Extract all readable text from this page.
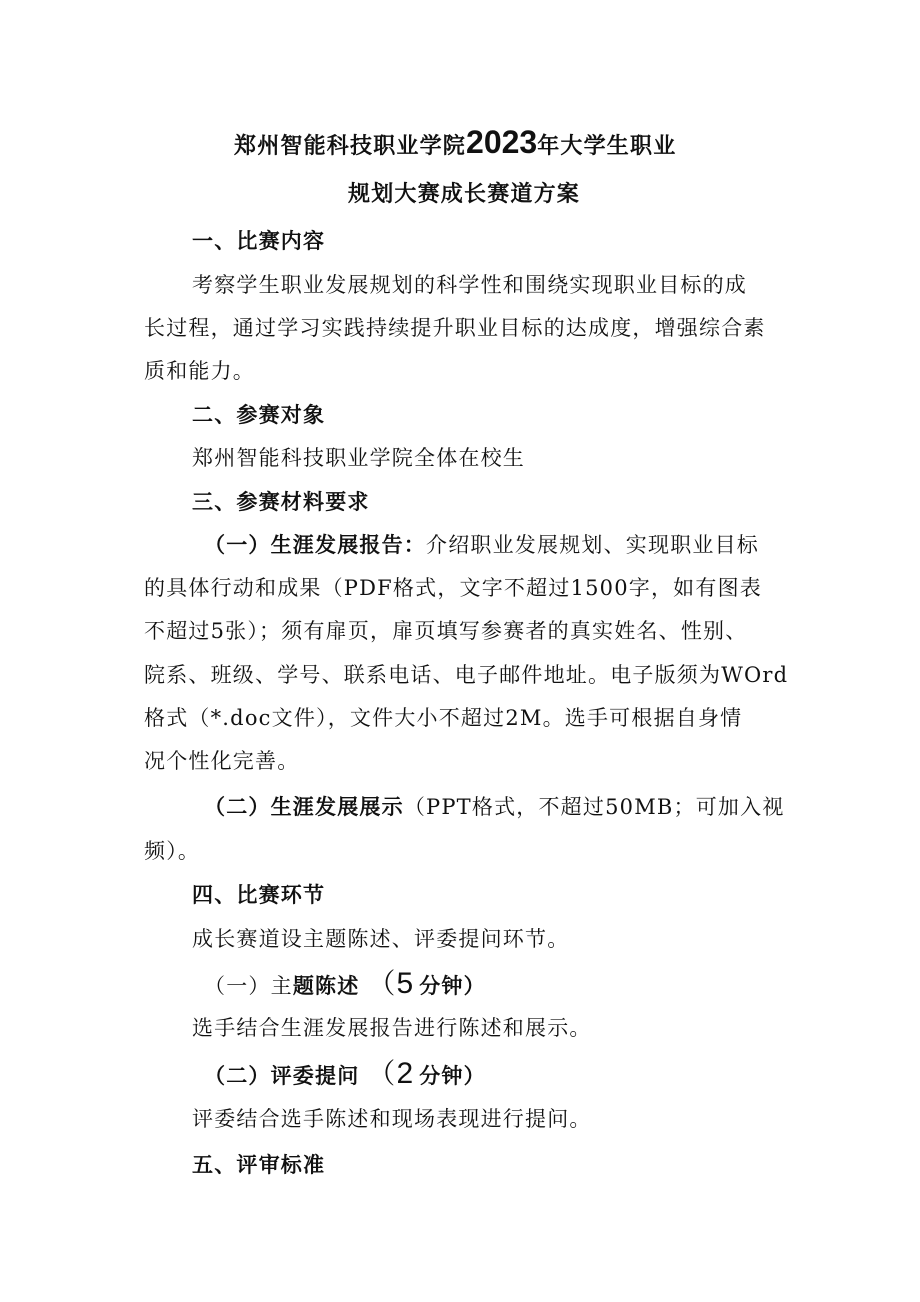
郑州智能科技职业学院2023年大学生职业
规划大赛成长赛道方案
一、比赛内容
考察学生职业发展规划的科学性和围绕实现职业目标的成
长过程，通过学习实践持续提升职业目标的达成度，增强综合素
质和能力。
二、参赛对象
郑州智能科技职业学院全体在校生
三、参赛材料要求
（一）生涯发展报告：介绍职业发展规划、实现职业目标
的具体行动和成果（PDF格式，文字不超过1500字，如有图表
不超过5张）；须有扉页，扉页填写参赛者的真实姓名、性别、
院系、班级、学号、联系电话、电子邮件地址。电子版须为WOrd
格式（*.doc文件），文件大小不超过2M。选手可根据自身情
况个性化完善。
（二）生涯发展展示（PPT格式，不超过50MB；可加入视
频）。
四、比赛环节
成长赛道设主题陈述、评委提问环节。
（一）主题陈述 （5 分钟）
选手结合生涯发展报告进行陈述和展示。
（二）评委提问 （2 分钟）
评委结合选手陈述和现场表现进行提问。
五、评审标准
